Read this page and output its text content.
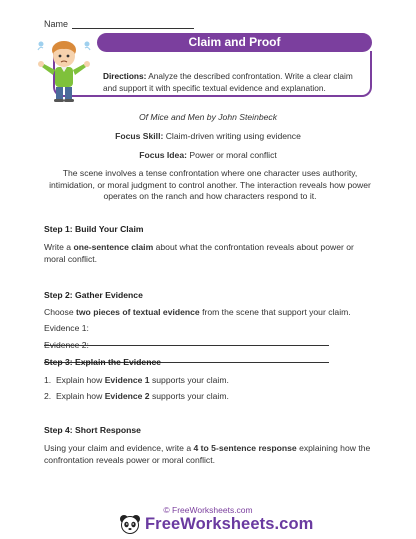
Name
Claim and Proof
Directions: Analyze the described confrontation. Write a clear claim and support it with specific textual evidence and explanation.
Of Mice and Men by John Steinbeck
Focus Skill: Claim-driven writing using evidence
Focus Idea: Power or moral conflict
The scene involves a tense confrontation where one character uses authority, intimidation, or moral judgment to control another. The interaction reveals how power operates on the ranch and how characters respond to it.
Step 1: Build Your Claim
Write a one-sentence claim about what the confrontation reveals about power or moral conflict.
Step 2: Gather Evidence
Choose two pieces of textual evidence from the scene that support your claim.
Evidence 1:
Evidence 2:
Step 3: Explain the Evidence
1. Explain how Evidence 1 supports your claim.
2. Explain how Evidence 2 supports your claim.
Step 4: Short Response
Using your claim and evidence, write a 4 to 5-sentence response explaining how the confrontation reveals power or moral conflict.
© FreeWorksheets.com
FreeWorksheets.com
